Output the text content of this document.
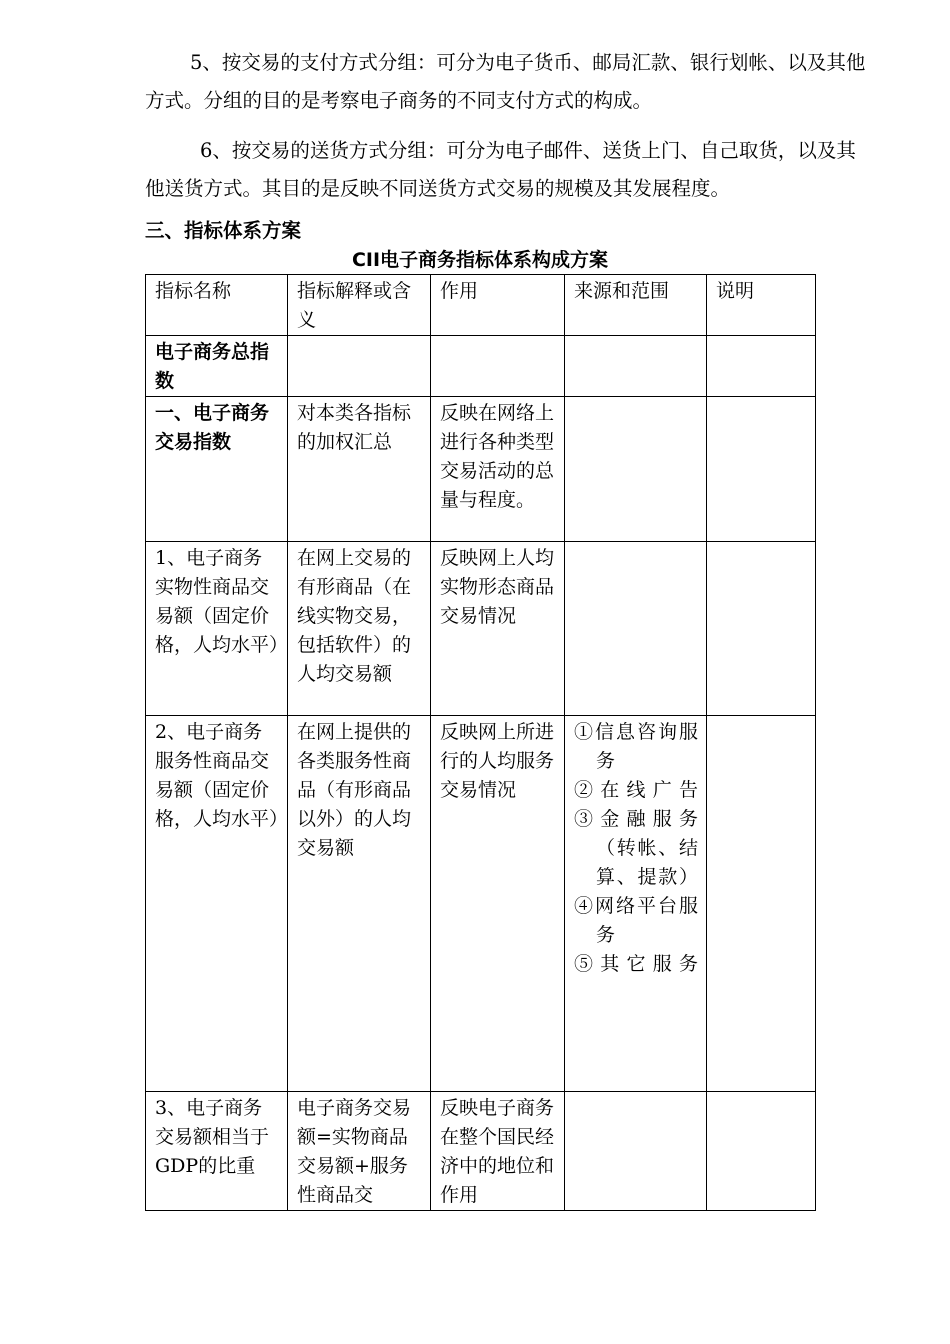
5、按交易的支付方式分组：可分为电子货币、邮局汇款、银行划帐、以及其他方式。分组的目的是考察电子商务的不同支付方式的构成。

6、按交易的送货方式分组：可分为电子邮件、送货上门、自己取货，以及其他送货方式。其目的是反映不同送货方式交易的规模及其发展程度。

三、指标体系方案
CII电子商务指标体系构成方案
指标名称	指标解释或含义	作用	来源和范围	说明
电子商务总指数				
一、电子商务交易指数	对本类各指标的加权汇总	反映在网络上进行各种类型交易活动的总量与程度。		
1、电子商务实物性商品交易额（固定价格，人均水平）	在网上交易的有形商品（在线实物交易，包括软件）的人均交易额	反映网上人均实物形态商品交易情况		
2、电子商务服务性商品交易额（固定价格，人均水平）	在网上提供的各类服务性商品（有形商品以外）的人均交易额	反映网上所进行的人均服务交易情况	①信息咨询服务
②在线广告
③金融服务（转帐、结算、提款）
④网络平台服务
⑤其它服务	

3、电子商务交易额相当于GDP的比重	电子商务交易额=实物商品交易额+服务性商品交	反映电子商务在整个国民经济中的地位和作用		
